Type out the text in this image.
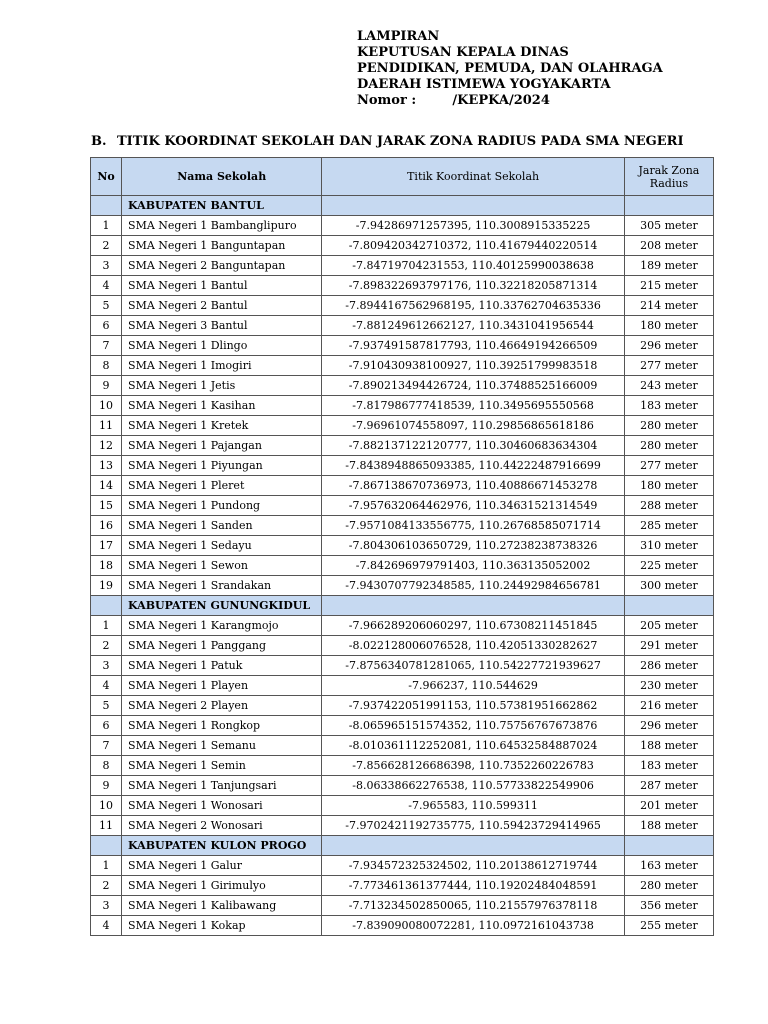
LAMPIRAN
KEPUTUSAN KEPALA DINAS
PENDIDIKAN, PEMUDA, DAN OLAHRAGA
DAERAH ISTIMEWA YOGYAKARTA
Nomor :        /KEPKA/2024
B. TITIK KOORDINAT SEKOLAH DAN JARAK ZONA RADIUS PADA SMA NEGERI
No	Nama Sekolah	Titik Koordinat Sekolah	Jarak Zona Radius
	KABUPATEN BANTUL		
1	SMA Negeri 1 Bambanglipuro	-7.94286971257395, 110.3008915335225	305 meter
2	SMA Negeri 1 Banguntapan	-7.809420342710372, 110.41679440220514	208 meter
3	SMA Negeri 2 Banguntapan	-7.84719704231553, 110.40125990038638	189 meter
4	SMA Negeri 1 Bantul	-7.898322693797176, 110.32218205871314	215 meter
5	SMA Negeri 2 Bantul	-7.8944167562968195, 110.33762704635336	214 meter
6	SMA Negeri 3 Bantul	-7.881249612662127, 110.3431041956544	180 meter
7	SMA Negeri 1 Dlingo	-7.937491587817793, 110.46649194266509	296 meter
8	SMA Negeri 1 Imogiri	-7.910430938100927, 110.39251799983518	277 meter
9	SMA Negeri 1 Jetis	-7.890213494426724, 110.37488525166009	243 meter
10	SMA Negeri 1 Kasihan	-7.817986777418539, 110.3495695550568	183 meter
11	SMA Negeri 1 Kretek	-7.96961074558097, 110.29856865618186	280 meter
12	SMA Negeri 1 Pajangan	-7.882137122120777, 110.30460683634304	280 meter
13	SMA Negeri 1 Piyungan	-7.8438948865093385, 110.44222487916699	277 meter
14	SMA Negeri 1 Pleret	-7.867138670736973, 110.40886671453278	180 meter
15	SMA Negeri 1 Pundong	-7.957632064462976, 110.34631521314549	288 meter
16	SMA Negeri 1 Sanden	-7.9571084133556775, 110.26768585071714	285 meter
17	SMA Negeri 1 Sedayu	-7.804306103650729, 110.27238238738326	310 meter
18	SMA Negeri 1 Sewon	-7.842696979791403, 110.363135052002	225 meter
19	SMA Negeri 1 Srandakan	-7.9430707792348585, 110.24492984656781	300 meter
	KABUPATEN GUNUNGKIDUL		
1	SMA Negeri 1 Karangmojo	-7.966289206060297, 110.67308211451845	205 meter
2	SMA Negeri 1 Panggang	-8.022128006076528, 110.42051330282627	291 meter
3	SMA Negeri 1 Patuk	-7.8756340781281065, 110.54227721939627	286 meter
4	SMA Negeri 1 Playen	-7.966237, 110.544629	230 meter
5	SMA Negeri 2 Playen	-7.937422051991153, 110.57381951662862	216 meter
6	SMA Negeri 1 Rongkop	-8.065965151574352, 110.75756767673876	296 meter
7	SMA Negeri 1 Semanu	-8.010361112252081, 110.64532584887024	188 meter
8	SMA Negeri 1 Semin	-7.856628126686398, 110.7352260226783	183 meter
9	SMA Negeri 1 Tanjungsari	-8.06338662276538, 110.57733822549906	287 meter
10	SMA Negeri 1 Wonosari	-7.965583, 110.599311	201 meter
11	SMA Negeri 2 Wonosari	-7.9702421192735775, 110.59423729414965	188 meter
	KABUPATEN KULON PROGO		
1	SMA Negeri 1 Galur	-7.934572325324502, 110.20138612719744	163 meter
2	SMA Negeri 1 Girimulyo	-7.773461361377444, 110.19202484048591	280 meter
3	SMA Negeri 1 Kalibawang	-7.713234502850065, 110.21557976378118	356 meter
4	SMA Negeri 1 Kokap	-7.839090080072281, 110.0972161043738	255 meter
